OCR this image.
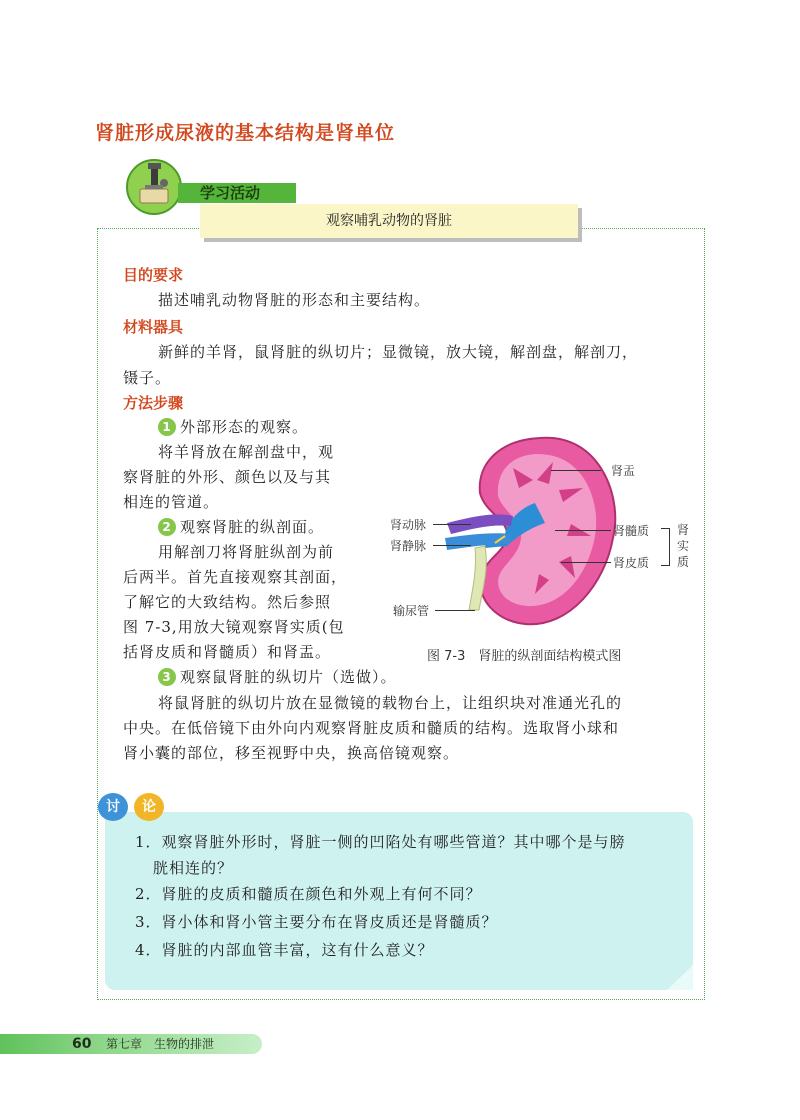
肾脏形成尿液的基本结构是肾单位
学习活动
观察哺乳动物的肾脏
目的要求
描述哺乳动物肾脏的形态和主要结构。
材料器具
新鲜的羊肾，鼠肾脏的纵切片；显微镜，放大镜，解剖盘，解剖刀，
镊子。
方法步骤
1 外部形态的观察。
将羊肾放在解剖盘中，观
察肾脏的外形、颜色以及与其
相连的管道。
2 观察肾脏的纵剖面。
用解剖刀将肾脏纵剖为前
后两半。首先直接观察其剖面，
了解它的大致结构。然后参照
图 7-3,用放大镜观察肾实质(包
括肾皮质和肾髓质）和肾盂。
3 观察鼠肾脏的纵切片（选做）。
将鼠肾脏的纵切片放在显微镜的载物台上，让组织块对准通光孔的
中央。在低倍镜下由外向内观察肾脏皮质和髓质的结构。选取肾小球和
肾小囊的部位，移至视野中央，换高倍镜观察。
肾盂
肾动脉
肾静脉
肾髓质
肾皮质
肾实质
输尿管
图 7-3　肾脏的纵剖面结构模式图
1．观察肾脏外形时，肾脏一侧的凹陷处有哪些管道？其中哪个是与膀
胱相连的？
2．肾脏的皮质和髓质在颜色和外观上有何不同？
3．肾小体和肾小管主要分布在肾皮质还是肾髓质？
4．肾脏的内部血管丰富，这有什么意义？
讨	论
60 第七章　生物的排泄
